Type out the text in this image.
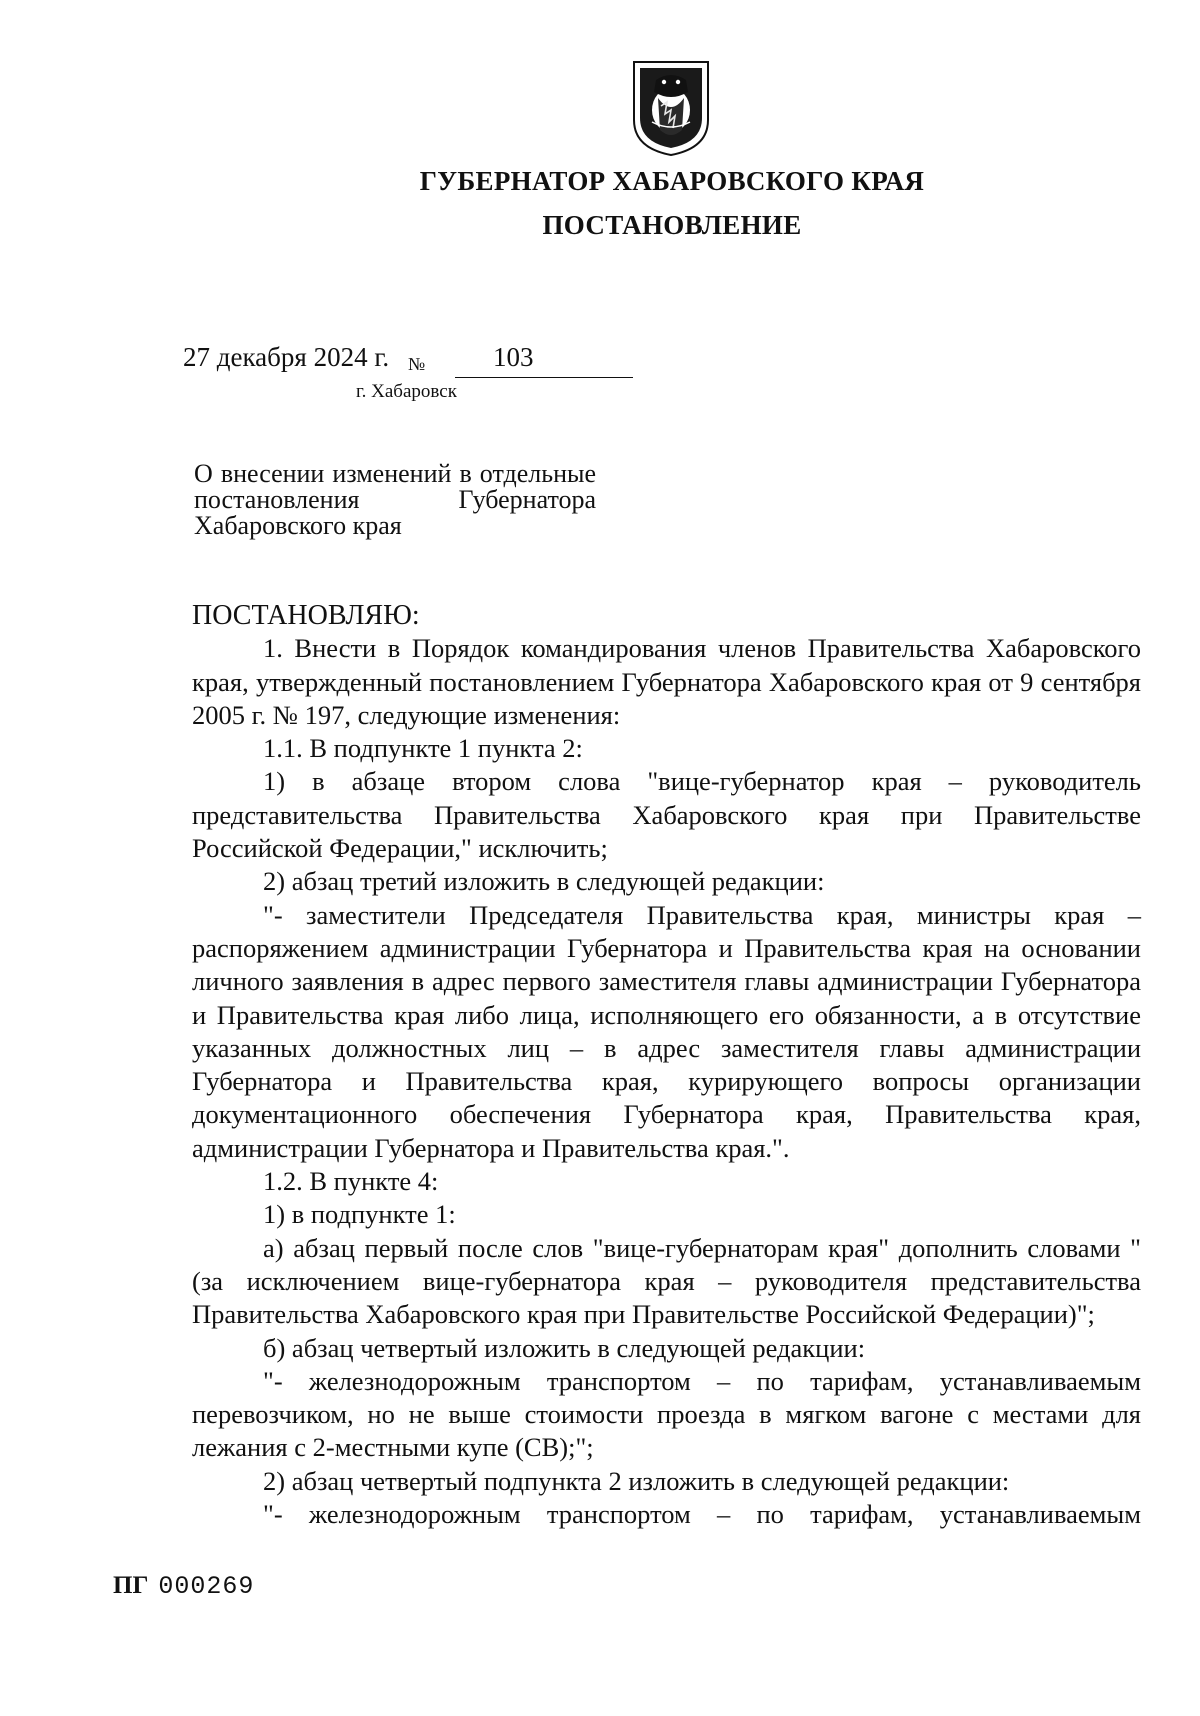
ГУБЕРНАТОР ХАБАРОВСКОГО КРАЯ
ПОСТАНОВЛЕНИЕ
27 декабря 2024 г. №	103
г. Хабаровск
О внесении изменений в отдельные
постановления Губернатора
Хабаровского края

ПОСТАНОВЛЯЮ:

1. Внести в Порядок командирования членов Правительства Хабаровского края, утвержденный постановлением Губернатора Хабаровского края от 9 сентября 2005 г. № 197, следующие изменения:

1.1. В подпункте 1 пункта 2:

1) в абзаце втором слова "вице-губернатор края – руководитель представительства Правительства Хабаровского края при Правительстве Российской Федерации," исключить;

2) абзац третий изложить в следующей редакции:

"- заместители Председателя Правительства края, министры края – распоряжением администрации Губернатора и Правительства края на основании личного заявления в адрес первого заместителя главы администрации Губернатора и Правительства края либо лица, исполняющего его обязанности, а в отсутствие указанных должностных лиц – в адрес заместителя главы администрации Губернатора и Правительства края, курирующего вопросы организации документационного обеспечения Губернатора края, Правительства края, администрации Губернатора и Правительства края.".

1.2. В пункте 4:

1) в подпункте 1:

а) абзац первый после слов "вице-губернаторам края" дополнить словами "(за исключением вице-губернатора края – руководителя представительства Правительства Хабаровского края при Правительстве Российской Федерации)";

б) абзац четвертый изложить в следующей редакции:

"- железнодорожным транспортом – по тарифам, устанавливаемым перевозчиком, но не выше стоимости проезда в мягком вагоне с местами для лежания с 2-местными купе (СВ);";

2) абзац четвертый подпункта 2 изложить в следующей редакции:

"- железнодорожным транспортом – по тарифам, устанавливаемым

ПГ 000269
